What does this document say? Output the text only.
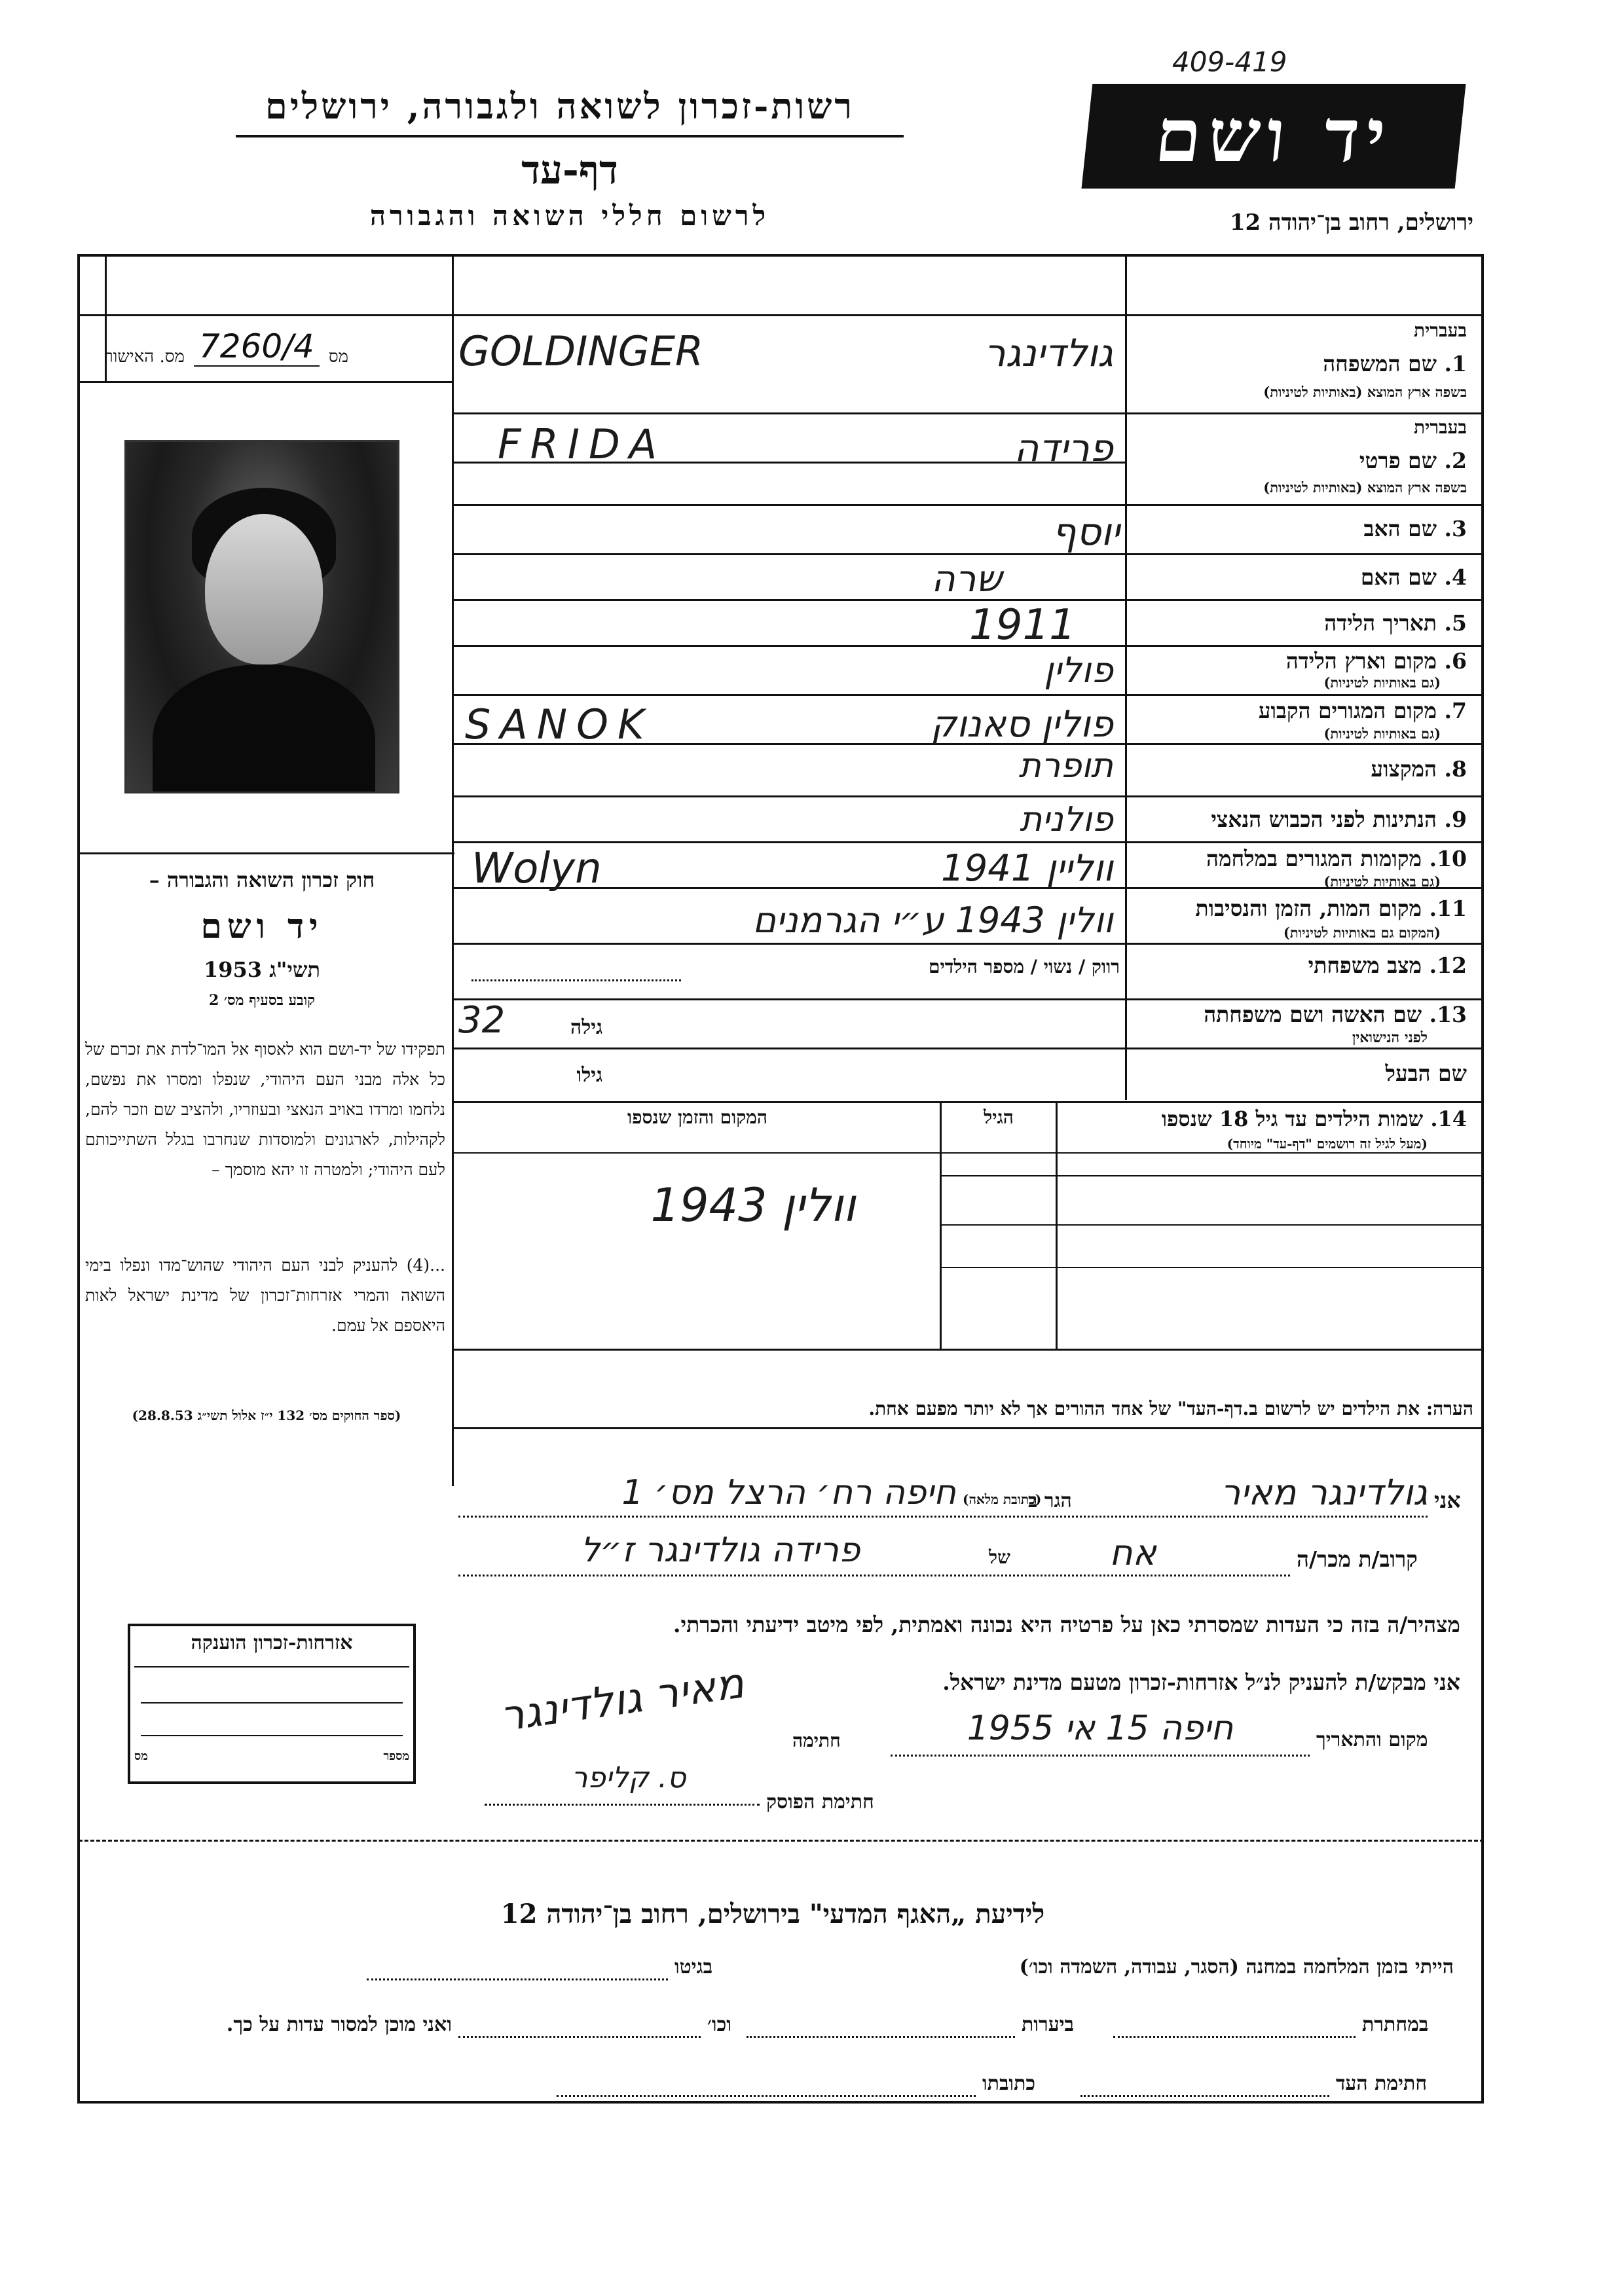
409-419
יד ושם
רשות-זכרון לשואה ולגבורה, ירושלים
דף-עד
לרשום חללי השואה והגבורה	ירושלים, רחוב בן־יהודה 12
מס
7260/4
מס. האישור
חוק זכרון השואה והגבורה –
יד ושם
תשי"ג 1953
קובע בסעיף מס׳ 2
תפקידו של יד-ושם הוא לאסוף אל המו־לדת את זכרם של כל אלה מבני העם היהודי, שנפלו ומסרו את נפשם, נלחמו ומרדו באויב הנאצי ובעוזריו, ולהציב שם וזכר להם, לקהילות, לארגונים ולמוסדות שנחרבו בגלל השתייכותם לעם היהודי; ולמטרה זו יהא מוסמך –
...(4) להעניק לבני העם היהודי שהוש־מדו ונפלו בימי השואה והמרי אזרחות־זכרון של מדינת ישראל לאות היאספם אל עמם.
(ספר החוקים מס׳ 132 י״ז אלול תשי״ג 28.8.53)
בעברית
1. שם המשפחה
בשפה ארץ המוצא (באותיות לטיניות)
GOLDINGER	גולדינגר
בעברית
2. שם פרטי
בשפה ארץ המוצא (באותיות לטיניות)
FRIDA	פרידה
3. שם האב
יוסף
4. שם האם
שרה
5. תאריך הלידה
1911
6. מקום וארץ הלידה
(גם באותיות לטיניות)
פולין
7. מקום המגורים הקבוע
(גם באותיות לטיניות)
SANOK	פולין סאנוק
8. המקצוע
תופרת
9. הנתינות לפני הכבוש הנאצי
פולנית
10. מקומות המגורים במלחמה
(גם באותיות לטיניות)
Wolyn	ווליין 1941
11. מקום המות, הזמן והנסיבות
(המקום גם באותיות לטיניות)
וולין 1943 ע״י הגרמנים
12. מצב משפחתי
רווק / נשוי / מספר הילדים
13. שם האשה ושם משפחתה
לפני הנישואין
גילה
32
שם הבעל
גילו
14. שמות הילדים עד גיל 18 שנספו
(מעל לגיל זה רושמים "דף-עד" מיוחד)
הגיל
המקום והזמן שנספו
וולין 1943
הערה: את הילדים יש לרשום ב.דף-העד" של אחד ההורים אך לא יותר מפעם אחת.
אני
גולדינגר מאיר
הגר ב
(כתובת מלאה)
חיפה רח׳ הרצל מס׳ 1
קרוב/ת מכר/ה
אח
של
פרידה גולדינגר ז״ל
מצהיר/ה בזה כי העדות שמסרתי כאן על פרטיה היא נכונה ואמתית, לפי מיטב ידיעתי והכרתי.
אני מבקש/ת להעניק לנ״ל אזרחות-זכרון מטעם מדינת ישראל.
מקום והתאריך
חיפה 15 אי 1955
חתימה
מאיר גולדינגר
חתימת הפוסק
ס. קליפר
אזרחות-זכרון הוענקה
מספר
מס
לידיעת „האגף המדעי" בירושלים, רחוב בן־יהודה 12
הייתי בזמן המלחמה במחנה (הסגר, עבודה, השמדה וכו׳)
בגיטו
במחתרת
ביערות
וכו׳
ואני מוכן למסור עדות על כך.
חתימת העד
כתובתו
